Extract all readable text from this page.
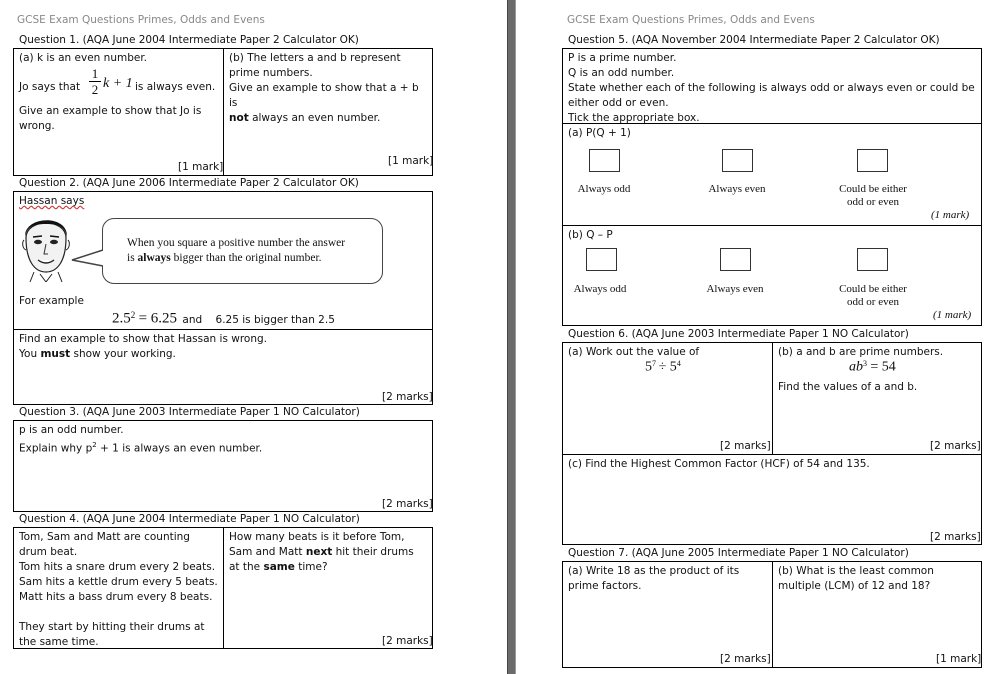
GCSE Exam Questions Primes, Odds and Evens
Question 1. (AQA June 2004 Intermediate Paper 2 Calculator OK)
(a) k is an even number.
Jo says that $\frac{1}{2}$ k + 1 is always even.
Give an example to show that Jo is wrong.
[1 mark]
(b) The letters a and b represent prime numbers.
Give an example to show that a + b is
not always an even number.
[1 mark]
Question 2. (AQA June 2006 Intermediate Paper 2 Calculator OK)
Hassan says
When you square a positive number the answer
is always bigger than the original number.
For example
$2.5^2 = 6.25$ and 6.25 is bigger than 2.5
Find an example to show that Hassan is wrong.
You must show your working.
[2 marks]
Question 3. (AQA June 2003 Intermediate Paper 1 NO Calculator)
p is an odd number.
Explain why $p^2 + 1$ is always an even number.
[2 marks]
Question 4. (AQA June 2004 Intermediate Paper 1 NO Calculator)
Tom, Sam and Matt are counting drum beat.
Tom hits a snare drum every 2 beats.
Sam hits a kettle drum every 5 beats.
Matt hits a bass drum every 8 beats.
They start by hitting their drums at the same time.
How many beats is it before Tom, Sam and Matt next hit their drums at the same time?
[2 marks]
GCSE Exam Questions Primes, Odds and Evens
Question 5. (AQA November 2004 Intermediate Paper 2 Calculator OK)
P is a prime number.
Q is an odd number.
State whether each of the following is always odd or always even or could be either odd or even.
Tick the appropriate box.
(a) P(Q + 1)
Always odd	Always even	Could be either
odd or even
(1 mark)
(b) Q – P
Always odd	Always even	Could be either
odd or even
(1 mark)
Question 6. (AQA June 2003 Intermediate Paper 1 NO Calculator)
(a) Work out the value of
$5^7 \div 5^4$
[2 marks]
(b) a and b are prime numbers.
$ab^3 = 54$
Find the values of a and b.
[2 marks]
(c) Find the Highest Common Factor (HCF) of 54 and 135.
[2 marks]
Question 7. (AQA June 2005 Intermediate Paper 1 NO Calculator)
(a) Write 18 as the product of its prime factors.
[2 marks]
(b) What is the least common multiple (LCM) of 12 and 18?
[1 mark]
